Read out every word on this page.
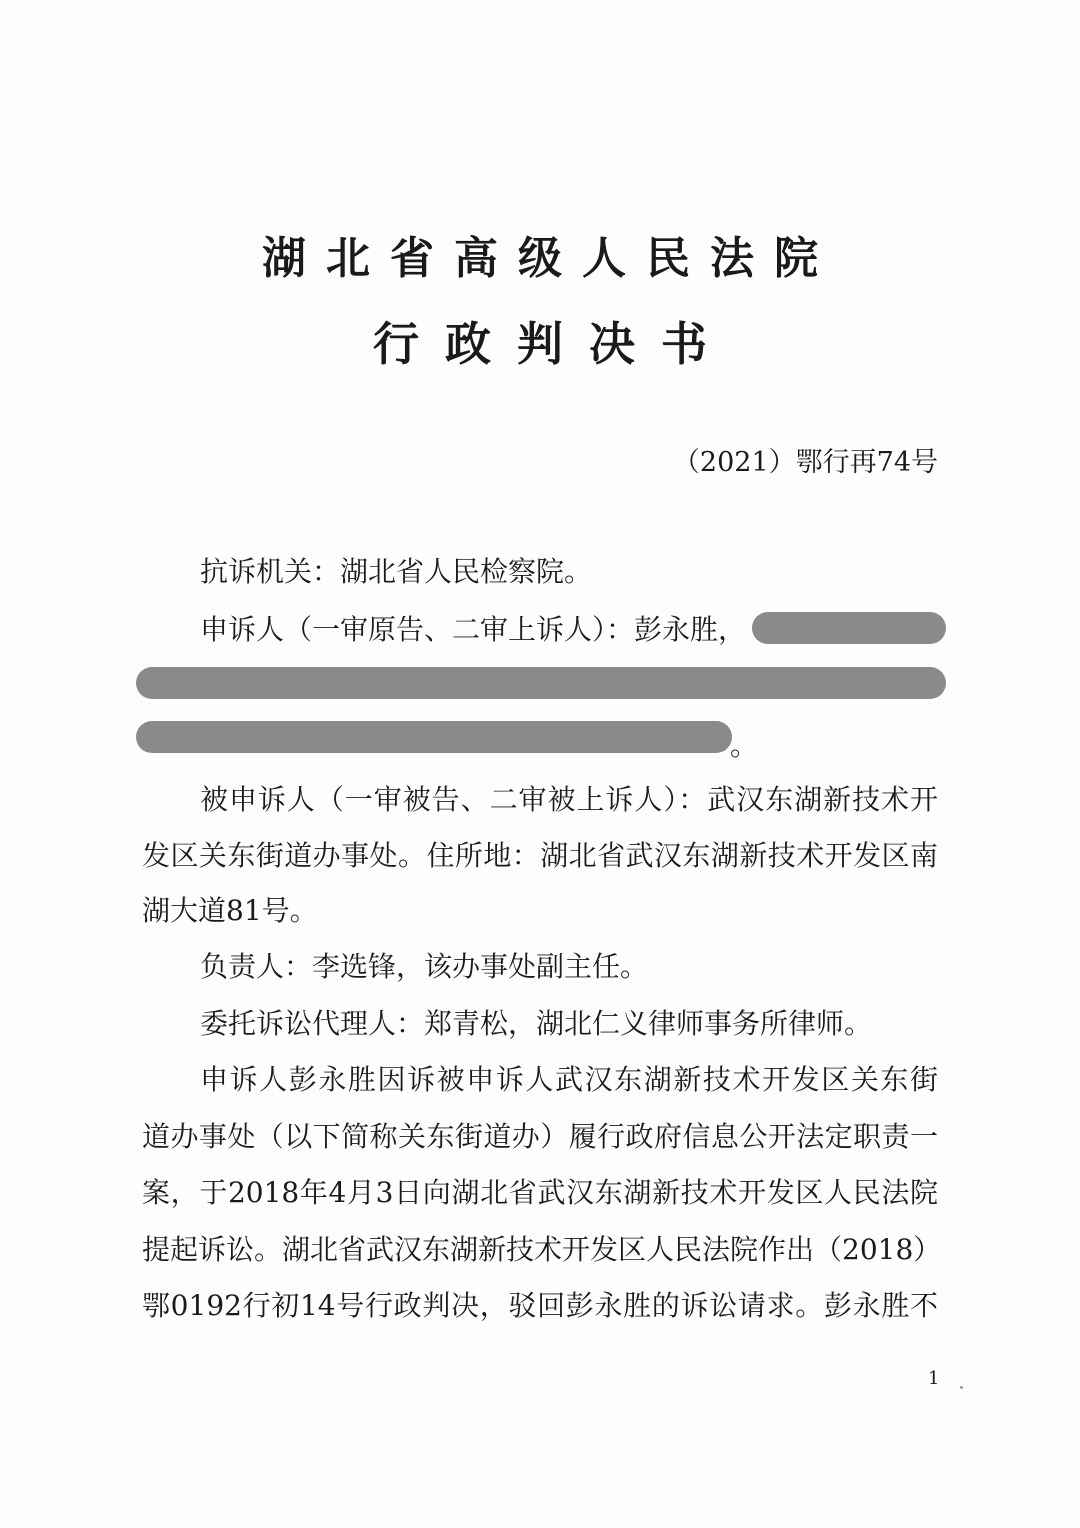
湖北省高级人民法院
行政判决书
（2021）鄂行再74号
抗诉机关：湖北省人民检察院。
申诉人（一审原告、二审上诉人）：彭永胜，
。
被申诉人（一审被告、二审被上诉人）：武汉东湖新技术开
发区关东街道办事处。住所地：湖北省武汉东湖新技术开发区南
湖大道81号。
负责人：李选锋，该办事处副主任。
委托诉讼代理人：郑青松，湖北仁义律师事务所律师。
申诉人彭永胜因诉被申诉人武汉东湖新技术开发区关东街
道办事处（以下简称关东街道办）履行政府信息公开法定职责一
案，于2018年4月3日向湖北省武汉东湖新技术开发区人民法院
提起诉讼。湖北省武汉东湖新技术开发区人民法院作出（2018）
鄂0192行初14号行政判决，驳回彭永胜的诉讼请求。彭永胜不
1
